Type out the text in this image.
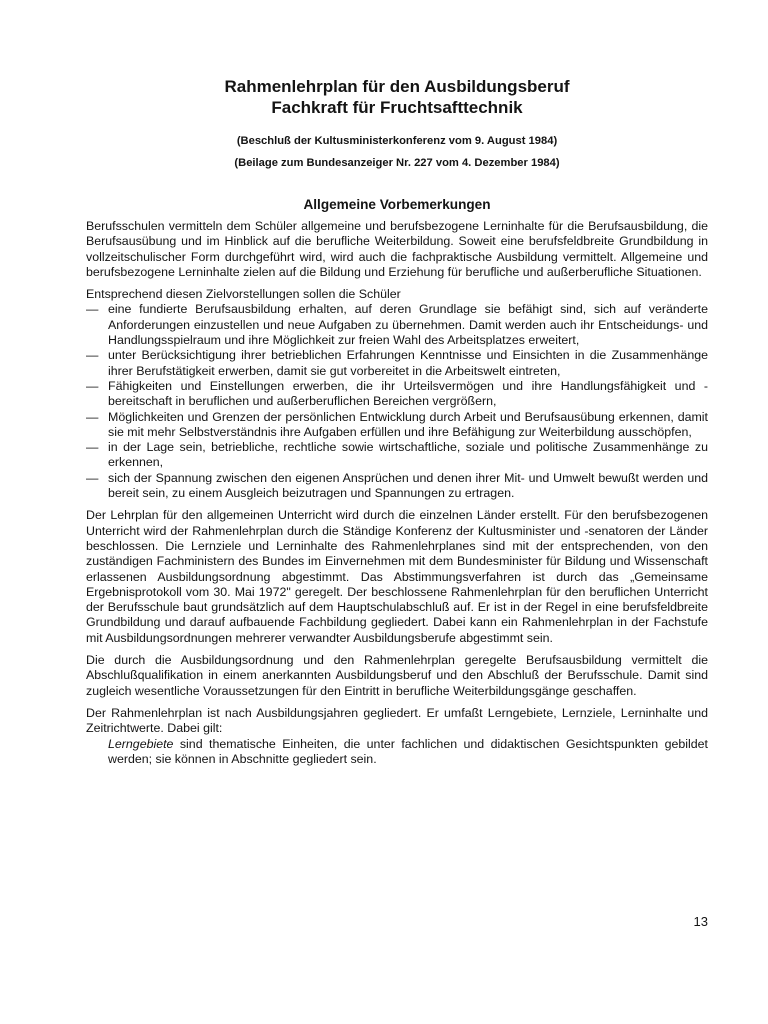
Rahmenlehrplan für den Ausbildungsberuf
Fachkraft für Fruchtsafttechnik
(Beschluß der Kultusministerkonferenz vom 9. August 1984)
(Beilage zum Bundesanzeiger Nr. 227 vom 4. Dezember 1984)
Allgemeine Vorbemerkungen

Berufsschulen vermitteln dem Schüler allgemeine und berufsbezogene Lerninhalte für die Berufsausbildung, die Berufsausübung und im Hinblick auf die berufliche Weiterbildung. Soweit eine berufsfeldbreite Grundbildung in vollzeitschulischer Form durchgeführt wird, wird auch die fachpraktische Ausbildung vermittelt. Allgemeine und berufsbezogene Lerninhalte zielen auf die Bildung und Erziehung für berufliche und außerberufliche Situationen.

Entsprechend diesen Zielvorstellungen sollen die Schüler

— eine fundierte Berufsausbildung erhalten, auf deren Grundlage sie befähigt sind, sich auf veränderte Anforderungen einzustellen und neue Aufgaben zu übernehmen. Damit werden auch ihr Entscheidungs- und Handlungsspielraum und ihre Möglichkeit zur freien Wahl des Arbeitsplatzes erweitert,
— unter Berücksichtigung ihrer betrieblichen Erfahrungen Kenntnisse und Einsichten in die Zusammenhänge ihrer Berufstätigkeit erwerben, damit sie gut vorbereitet in die Arbeitswelt eintreten,
— Fähigkeiten und Einstellungen erwerben, die ihr Urteilsvermögen und ihre Handlungsfähigkeit und -bereitschaft in beruflichen und außerberuflichen Bereichen vergrößern,
— Möglichkeiten und Grenzen der persönlichen Entwicklung durch Arbeit und Berufsausübung erkennen, damit sie mit mehr Selbstverständnis ihre Aufgaben erfüllen und ihre Befähigung zur Weiterbildung ausschöpfen,
— in der Lage sein, betriebliche, rechtliche sowie wirtschaftliche, soziale und politische Zusammenhänge zu erkennen,
— sich der Spannung zwischen den eigenen Ansprüchen und denen ihrer Mit- und Umwelt bewußt werden und bereit sein, zu einem Ausgleich beizutragen und Spannungen zu ertragen.

Der Lehrplan für den allgemeinen Unterricht wird durch die einzelnen Länder erstellt. Für den berufsbezogenen Unterricht wird der Rahmenlehrplan durch die Ständige Konferenz der Kultusminister und -senatoren der Länder beschlossen. Die Lernziele und Lerninhalte des Rahmenlehrplanes sind mit der entsprechenden, von den zuständigen Fachministern des Bundes im Einvernehmen mit dem Bundesminister für Bildung und Wissenschaft erlassenen Ausbildungsordnung abgestimmt. Das Abstimmungsverfahren ist durch das „Gemeinsame Ergebnisprotokoll vom 30. Mai 1972" geregelt. Der beschlossene Rahmenlehrplan für den beruflichen Unterricht der Berufsschule baut grundsätzlich auf dem Hauptschulabschluß auf. Er ist in der Regel in eine berufsfeldbreite Grundbildung und darauf aufbauende Fachbildung gegliedert. Dabei kann ein Rahmenlehrplan in der Fachstufe mit Ausbildungsordnungen mehrerer verwandter Ausbildungsberufe abgestimmt sein.

Die durch die Ausbildungsordnung und den Rahmenlehrplan geregelte Berufsausbildung vermittelt die Abschlußqualifikation in einem anerkannten Ausbildungsberuf und den Abschluß der Berufsschule. Damit sind zugleich wesentliche Voraussetzungen für den Eintritt in berufliche Weiterbildungsgänge geschaffen.

Der Rahmenlehrplan ist nach Ausbildungsjahren gegliedert. Er umfaßt Lerngebiete, Lernziele, Lerninhalte und Zeitrichtwerte. Dabei gilt:

Lerngebiete sind thematische Einheiten, die unter fachlichen und didaktischen Gesichtspunkten gebildet werden; sie können in Abschnitte gegliedert sein.

13
